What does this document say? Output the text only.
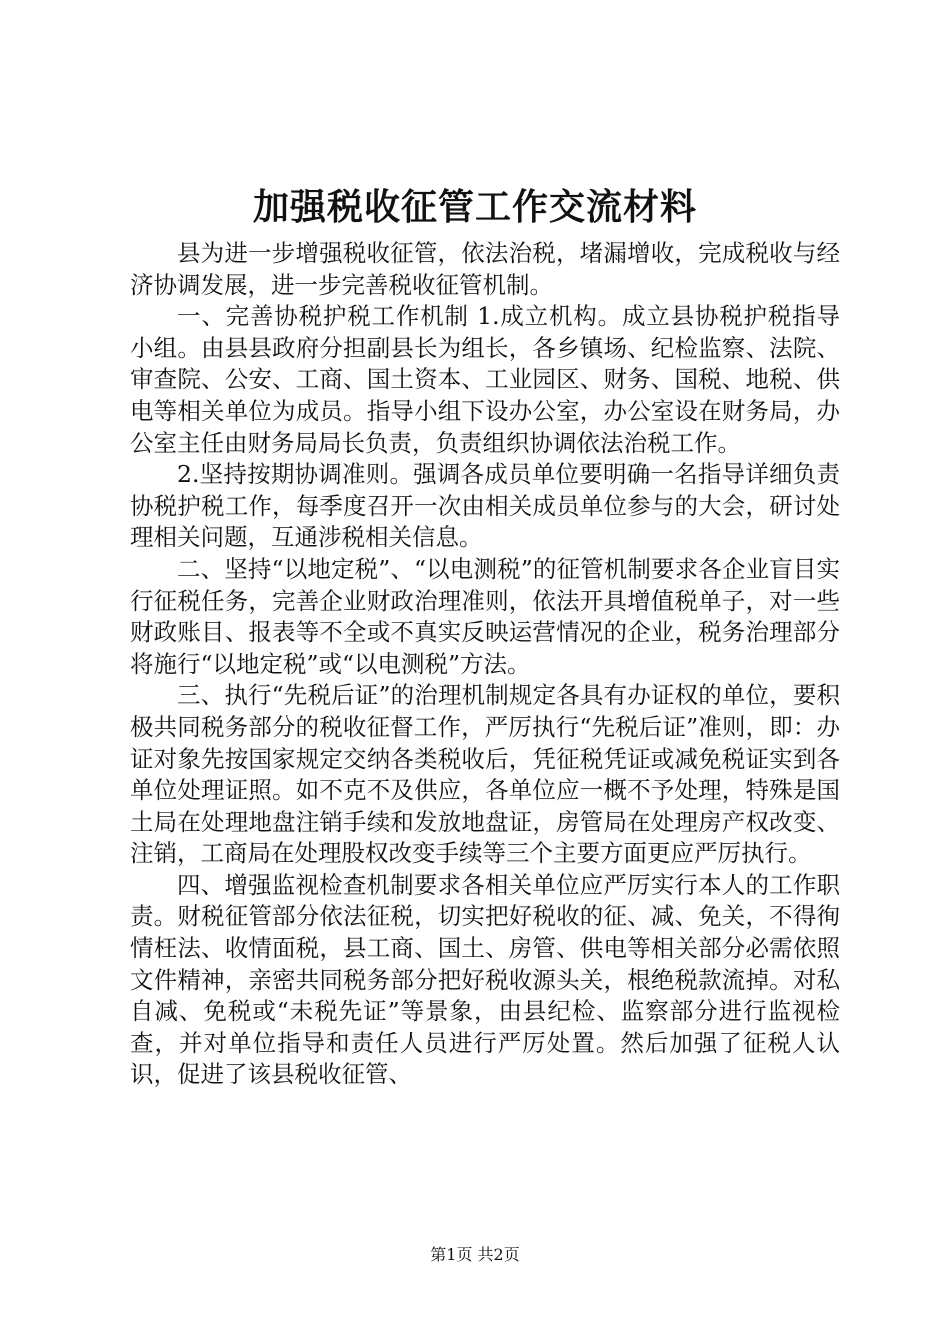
加强税收征管工作交流材料

县为进一步增强税收征管，依法治税，堵漏增收，完成税收与经济协调发展，进一步完善税收征管机制。

一、完善协税护税工作机制 1.成立机构。成立县协税护税指导小组。由县县政府分担副县长为组长，各乡镇场、纪检监察、法院、审查院、公安、工商、国土资本、工业园区、财务、国税、地税、供电等相关单位为成员。指导小组下设办公室，办公室设在财务局，办公室主任由财务局局长负责，负责组织协调依法治税工作。

2.坚持按期协调准则。强调各成员单位要明确一名指导详细负责协税护税工作，每季度召开一次由相关成员单位参与的大会，研讨处理相关问题，互通涉税相关信息。

二、坚持“以地定税”、“以电测税”的征管机制要求各企业盲目实行征税任务，完善企业财政治理准则，依法开具增值税单子，对一些财政账目、报表等不全或不真实反映运营情况的企业，税务治理部分将施行“以地定税”或“以电测税”方法。

三、执行“先税后证”的治理机制规定各具有办证权的单位，要积极共同税务部分的税收征督工作，严厉执行“先税后证”准则，即：办证对象先按国家规定交纳各类税收后，凭征税凭证或减免税证实到各单位处理证照。如不克不及供应，各单位应一概不予处理，特殊是国土局在处理地盘注销手续和发放地盘证，房管局在处理房产权改变、注销，工商局在处理股权改变手续等三个主要方面更应严厉执行。

四、增强监视检查机制要求各相关单位应严厉实行本人的工作职责。财税征管部分依法征税，切实把好税收的征、减、免关，不得徇情枉法、收情面税，县工商、国土、房管、供电等相关部分必需依照文件精神，亲密共同税务部分把好税收源头关，根绝税款流掉。对私自减、免税或“未税先证”等景象，由县纪检、监察部分进行监视检查，并对单位指导和责任人员进行严厉处置。然后加强了征税人认识，促进了该县税收征管、

第1页 共2页
